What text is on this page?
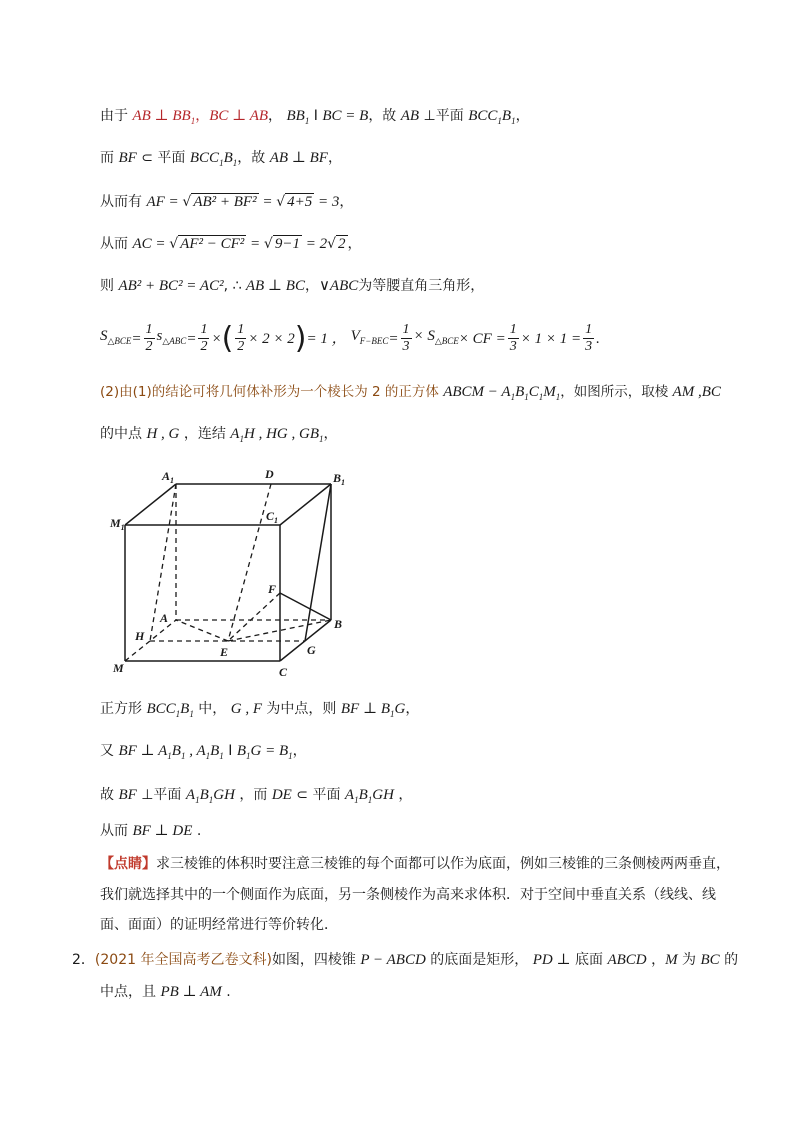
由于 AB ⊥ $BB_1$，BC ⊥ AB， $BB_1$ I BC = B，故 AB ⊥平面 $BCC_1B_1$，
而 BF ⊂ 平面 $BCC_1B_1$，故 AB ⊥ BF，
从而有 AF = √ AB² + BF² = √ 4+5 = 3，
从而 AC = √ AF² − CF² = √ 9−1 = 2√ 2 ，
则 AB² + BC² = AC², ∴ AB ⊥ BC，∨ABC为等腰直角三角形，
$S_{\triangle BCE} = \frac{1}{2} s_{\triangle ABC} = \frac{1}{2}$ × ( $\frac{1}{2} \times 2 \times 2$ ) = 1 ， $V_{F-BEC} = \frac{1}{3} \times S_{\triangle BCE}$ × CF = $\frac{1}{3} \times 1 \times 1 = \frac{1}{3}$ .
(2)由(1)的结论可将几何体补形为一个棱长为 2 的正方体 ABCM − $A_1B_1C_1M_1$，如图所示，取棱 AM ,BC
的中点 H , G ，连结 $A_1H$ , HG , $GB_1$，
$A_1$	D	$B_1$
$M_1$
$C_1$
F
A	B
H
E	G
M	C
正方形 $BCC_1B_1$ 中， G , F 为中点，则 BF ⊥ $B_1G$，
又 BF ⊥ $A_1B_1$ , $A_1B_1$ I $B_1G = B_1$，
故 BF ⊥平面 $A_1B_1GH$ ，而 DE ⊂ 平面 $A_1B_1GH$ ，
从而 BF ⊥ DE .
【点睛】求三棱锥的体积时要注意三棱锥的每个面都可以作为底面，例如三棱锥的三条侧棱两两垂直，
我们就选择其中的一个侧面作为底面，另一条侧棱作为高来求体积．对于空间中垂直关系（线线、线
面、面面）的证明经常进行等价转化．
2．(2021 年全国高考乙卷文科)如图，四棱锥 P − ABCD 的底面是矩形， PD ⊥ 底面 ABCD ，M 为 BC 的
中点，且 PB ⊥ AM .
